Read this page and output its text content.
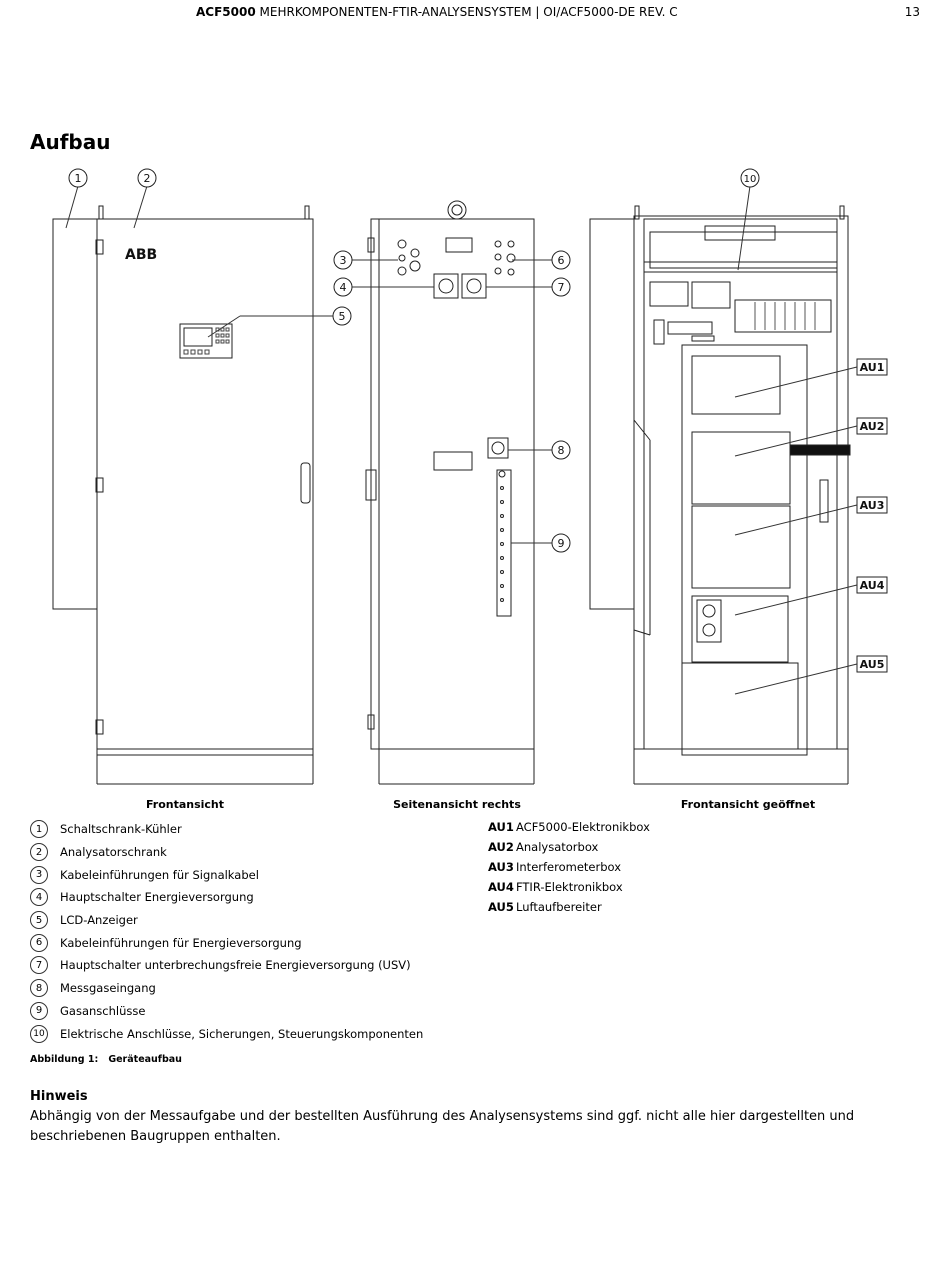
ACF5000 MEHRKOMPONENTEN-FTIR-ANALYSENSYSTEM | OI/ACF5000-DE REV. C	13
Aufbau
ABB
1	2
3
4
5
6
7
8
9
10
AU1
AU2
AU3
AU4
AU5
Frontansicht	Seitenansicht rechts	Frontansicht geöffnet
1	Schaltschrank-Kühler
2	Analysatorschrank
3	Kabeleinführungen für Signalkabel
4	Hauptschalter Energieversorgung
5	LCD-Anzeiger
6	Kabeleinführungen für Energieversorgung
7	Hauptschalter unterbrechungsfreie Energieversorgung (USV)
8	Messgaseingang
9	Gasanschlüsse
10 Elektrische Anschlüsse, Sicherungen, Steuerungskomponenten
AU1 ACF5000-Elektronikbox
AU2 Analysatorbox
AU3 Interferometerbox
AU4 FTIR-Elektronikbox
AU5 Luftaufbereiter
Abbildung 1: Geräteaufbau
Hinweis
Abhängig von der Messaufgabe und der bestellten Ausführung des Analysensystems sind ggf. nicht alle hier dargestellten und beschriebenen Baugruppen enthalten.
